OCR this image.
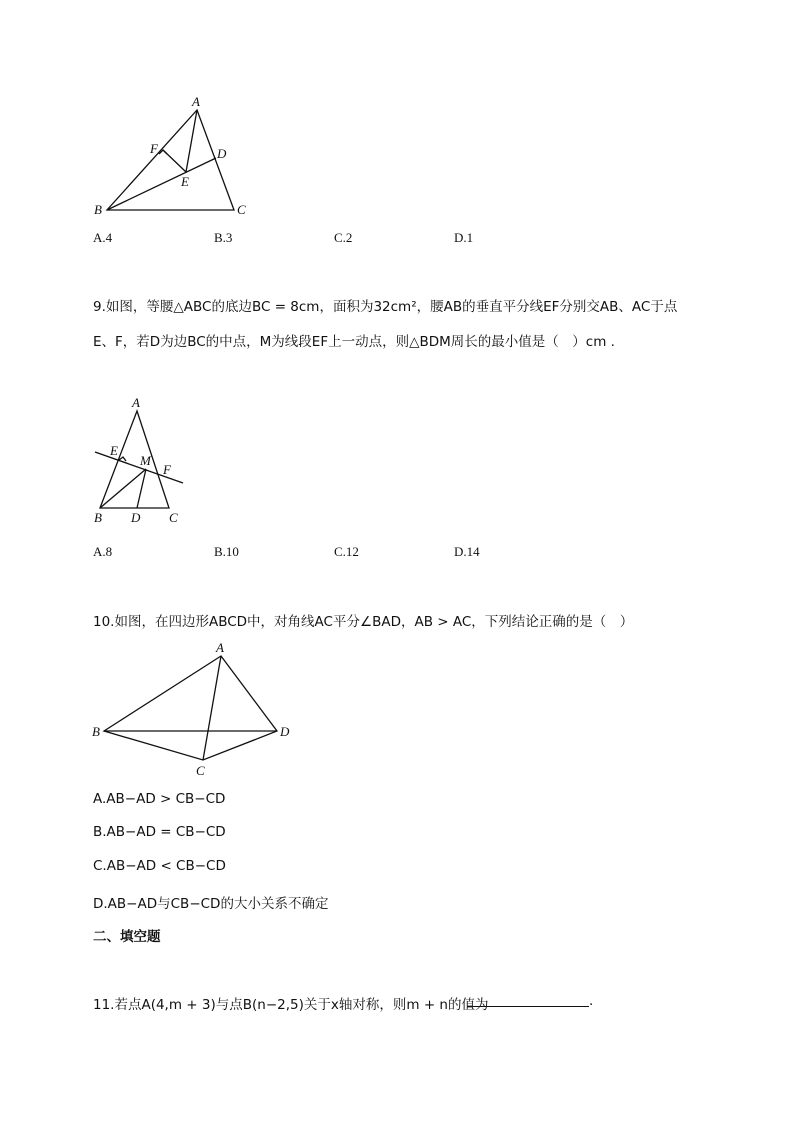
A
B	C
D
E
F
A
B	C
D
E
F
M
A
B
C
D
A.4	B.3	C.2	D.1
9.如图，等腰△ABC的底边BC = 8cm，面积为32cm²，腰AB的垂直平分线EF分别交AB、AC于点
E、F，若D为边BC的中点，M为线段EF上一动点，则△BDM周长的最小值是（　）cm .
A.8	B.10	C.12	D.14
10.如图，在四边形ABCD中，对角线AC平分∠BAD，AB > AC，下列结论正确的是（　）
A.AB−AD > CB−CD
B.AB−AD = CB−CD
C.AB−AD < CB−CD
D.AB−AD与CB−CD的大小关系不确定
二、填空题
11.若点A(4,m + 3)与点B(n−2,5)关于x轴对称，则m + n的值为	.
